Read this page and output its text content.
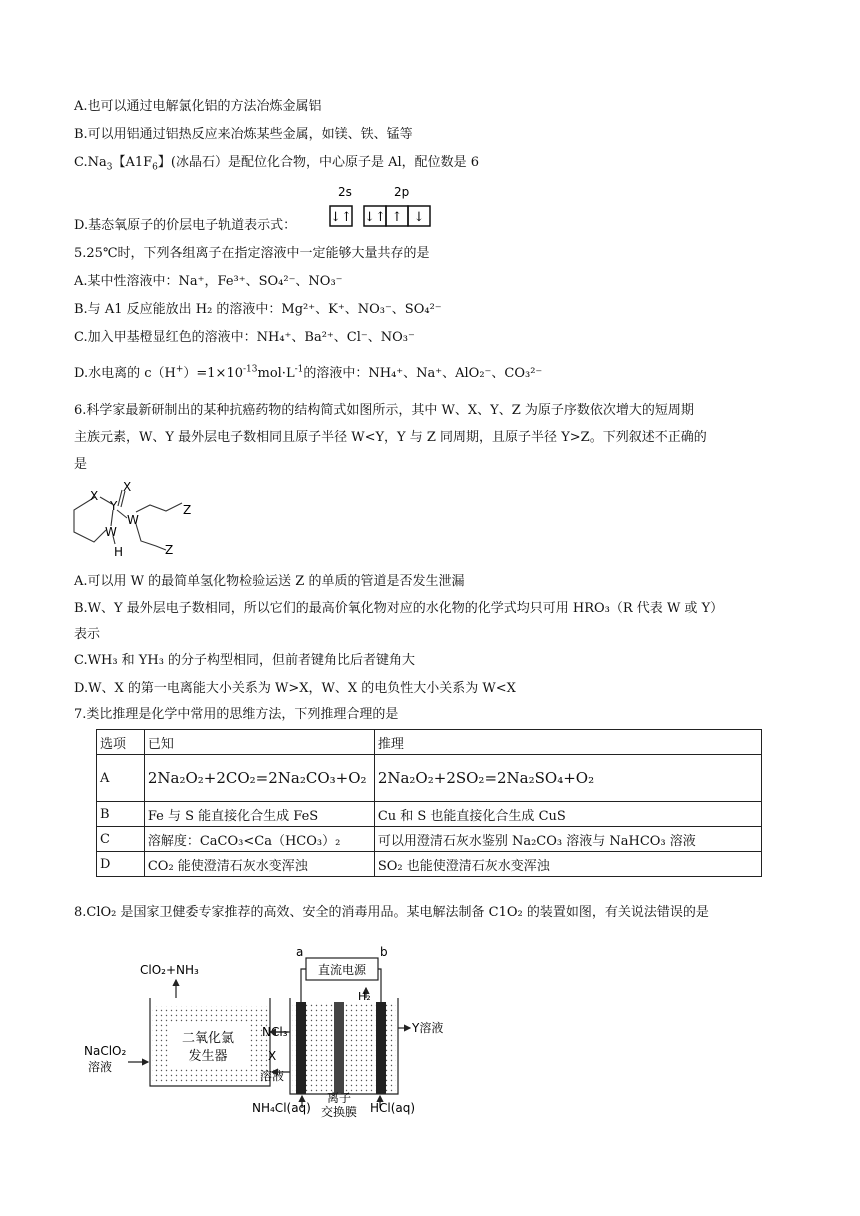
A.也可以通过电解氯化铝的方法冶炼金属铝
B.可以用铝通过铝热反应来冶炼某些金属，如镁、铁、锰等
$C.Na_3$【$A1F_6$】(冰晶石）是配位化合物，中心原子是 Al，配位数是 6
D.基态氧原子的价层电子轨道表示式：
2s	2p
↓↑ ↓↑ ↑ ↓
5.25℃时，下列各组离子在指定溶液中一定能够大量共存的是
A.某中性溶液中：Na⁺，Fe³⁺、SO₄²⁻、NO₃⁻
B.与 A1 反应能放出 H₂ 的溶液中：Mg²⁺、K⁺、NO₃⁻、SO₄²⁻
C.加入甲基橙显红色的溶液中：NH₄⁺、Ba²⁺、Cl⁻、NO₃⁻
D.水电离的 $c(H^+)=1\times 10^{-13}mol\cdot L^{-1}$的溶液中：NH₄⁺、Na⁺、AlO₂⁻、CO₃²⁻
6.科学家最新研制出的某种抗癌药物的结构简式如图所示，其中 W、X、Y、Z 为原子序数依次增大的短周期
主族元素，W、Y 最外层电子数相同且原子半径 W<Y，Y 与 Z 同周期，且原子半径 Y>Z。下列叙述不正确的
是
X
X
Y
W
W
H
Z
Z
A.可以用 W 的最简单氢化物检验运送 Z 的单质的管道是否发生泄漏
B.W、Y 最外层电子数相同，所以它们的最高价氧化物对应的水化物的化学式均只可用 HRO₃（R 代表 W 或 Y）
表示
C.WH₃ 和 YH₃ 的分子构型相同，但前者键角比后者键角大
D.W、X 的第一电离能大小关系为 W>X，W、X 的电负性大小关系为 W<X
7.类比推理是化学中常用的思维方法，下列推理合理的是
选项	已知	推理
A	2Na₂O₂+2CO₂=2Na₂CO₃+O₂	2Na₂O₂+2SO₂=2Na₂SO₄+O₂
B	Fe 与 S 能直接化合生成 FeS	Cu 和 S 也能直接化合生成 CuS
C	溶解度：CaCO₃<Ca（HCO₃）₂	可以用澄清石灰水鉴别 Na₂CO₃ 溶液与 NaHCO₃ 溶液
D	CO₂ 能使澄清石灰水变浑浊	SO₂ 也能使澄清石灰水变浑浊
8.ClO₂ 是国家卫健委专家推荐的高效、安全的消毒用品。某电解法制备 C1O₂ 的装置如图，有关说法错误的是
二氧化氯
发生器
ClO₂+NH₃
NaClO₂
溶液
NCl₃
X
溶液
直流电源
a	b
H₂
Y溶液
NH₄Cl(aq)
离子
交换膜 HCl(aq)
